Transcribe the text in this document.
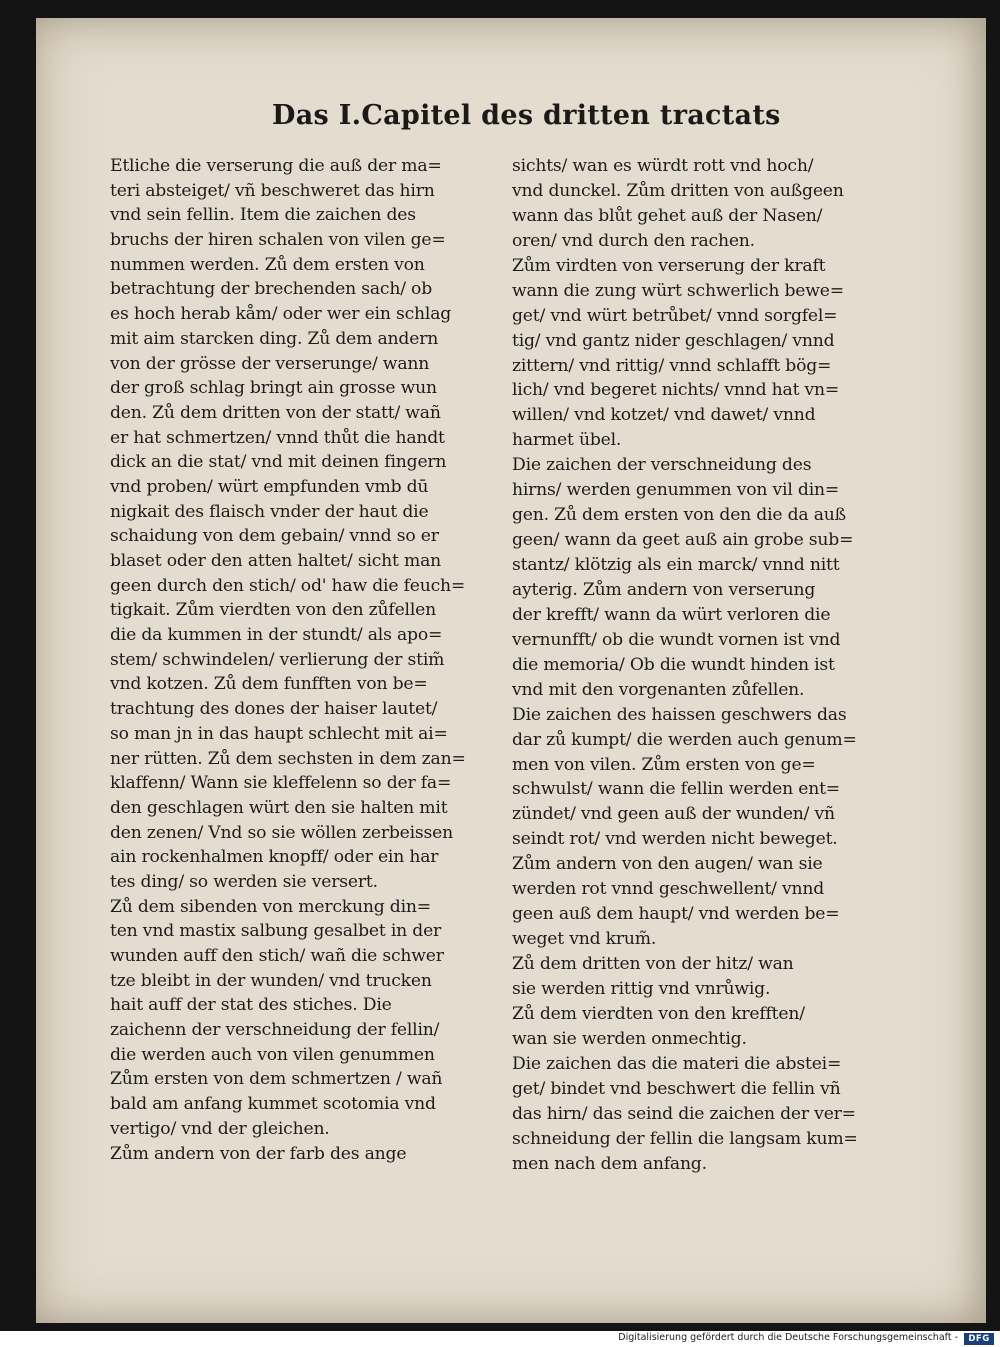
Das I.Capitel des dritten tractats
Etliche die verserung die auß der ma=
teri absteiget/ vñ beschweret das hirn
vnd sein fellin. Item die zaichen des
bruchs der hiren schalen von vilen ge=
nummen werden. Zů dem ersten von
betrachtung der brechenden sach/ ob
es hoch herab kåm/ oder wer ein schlag
mit aim starcken ding. Zů dem andern
von der grösse der verserunge/ wann
der groß schlag bringt ain grosse wun
den. Zů dem dritten von der statt/ wañ
er hat schmertzen/ vnnd thůt die handt
dick an die stat/ vnd mit deinen fingern
vnd proben/ würt empfunden vmb dū
nigkait des flaisch vnder der haut die
schaidung von dem gebain/ vnnd so er
blaset oder den atten haltet/ sicht man
geen durch den stich/ od' haw die feuch=
tigkait. Zům vierdten von den zůfellen
die da kummen in der stundt/ als apo=
stem/ schwindelen/ verlierung der stim̃
vnd kotzen. Zů dem funfften von be=
trachtung des dones der haiser lautet/
so man jn in das haupt schlecht mit ai=
ner rütten. Zů dem sechsten in dem zan=
klaffenn/ Wann sie kleffelenn so der fa=
den geschlagen würt den sie halten mit
den zenen/ Vnd so sie wöllen zerbeissen
ain rockenhalmen knopff/ oder ein har
tes ding/ so werden sie versert.
Zů dem sibenden von merckung din=
ten vnd mastix salbung gesalbet in der
wunden auff den stich/ wañ die schwer
tze bleibt in der wunden/ vnd trucken
hait auff der stat des stiches. Die
zaichenn der verschneidung der fellin/
die werden auch von vilen genummen
Zům ersten von dem schmertzen / wañ
bald am anfang kummet scotomia vnd
vertigo/ vnd der gleichen.
Zům andern von der farb des ange
sichts/ wan es würdt rott vnd hoch/
vnd dunckel. Zům dritten von außgeen
wann das blůt gehet auß der Nasen/
oren/ vnd durch den rachen.
Zům virdten von verserung der kraft
wann die zung würt schwerlich bewe=
get/ vnd würt betrůbet/ vnnd sorgfel=
tig/ vnd gantz nider geschlagen/ vnnd
zittern/ vnd rittig/ vnnd schlafft bög=
lich/ vnd begeret nichts/ vnnd hat vn=
willen/ vnd kotzet/ vnd dawet/ vnnd
harmet übel.
Die zaichen der verschneidung des
hirns/ werden genummen von vil din=
gen. Zů dem ersten von den die da auß
geen/ wann da geet auß ain grobe sub=
stantz/ klötzig als ein marck/ vnnd nitt
ayterig. Zům andern von verserung
der krefft/ wann da würt verloren die
vernunfft/ ob die wundt vornen ist vnd
die memoria/ Ob die wundt hinden ist
vnd mit den vorgenanten zůfellen.
Die zaichen des haissen geschwers das
dar zů kumpt/ die werden auch genum=
men von vilen. Zům ersten von ge=
schwulst/ wann die fellin werden ent=
zündet/ vnd geen auß der wunden/ vñ
seindt rot/ vnd werden nicht beweget.
Zům andern von den augen/ wan sie
werden rot vnnd geschwellent/ vnnd
geen auß dem haupt/ vnd werden be=
weget vnd krum̃.
Zů dem dritten von der hitz/ wan
sie werden rittig vnd vnrůwig.
Zů dem vierdten von den krefften/
wan sie werden onmechtig.
Die zaichen das die materi die abstei=
get/ bindet vnd beschwert die fellin vñ
das hirn/ das seind die zaichen der ver=
schneidung der fellin die langsam kum=
men nach dem anfang.
Digitalisierung gefördert durch die Deutsche Forschungsgemeinschaft -	DFG
